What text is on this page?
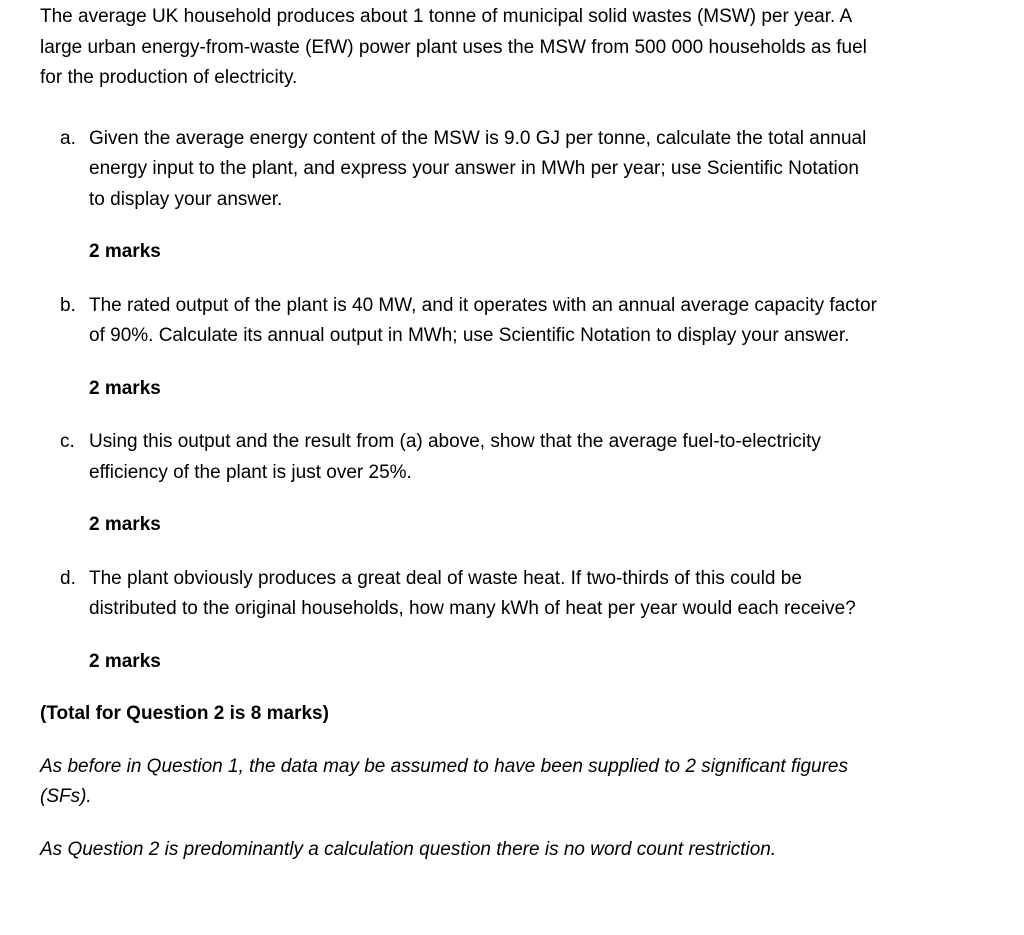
The average UK household produces about 1 tonne of municipal solid wastes (MSW) per year. A large urban energy-from-waste (EfW) power plant uses the MSW from 500 000 households as fuel for the production of electricity.

a. Given the average energy content of the MSW is 9.0 GJ per tonne, calculate the total annual energy input to the plant, and express your answer in MWh per year; use Scientific Notation to display your answer.

2 marks

b. The rated output of the plant is 40 MW, and it operates with an annual average capacity factor of 90%. Calculate its annual output in MWh; use Scientific Notation to display your answer.

2 marks

c. Using this output and the result from (a) above, show that the average fuel-to-electricity efficiency of the plant is just over 25%.

2 marks

d. The plant obviously produces a great deal of waste heat. If two-thirds of this could be distributed to the original households, how many kWh of heat per year would each receive?

2 marks

(Total for Question 2 is 8 marks)

As before in Question 1, the data may be assumed to have been supplied to 2 significant figures (SFs).

As Question 2 is predominantly a calculation question there is no word count restriction.
